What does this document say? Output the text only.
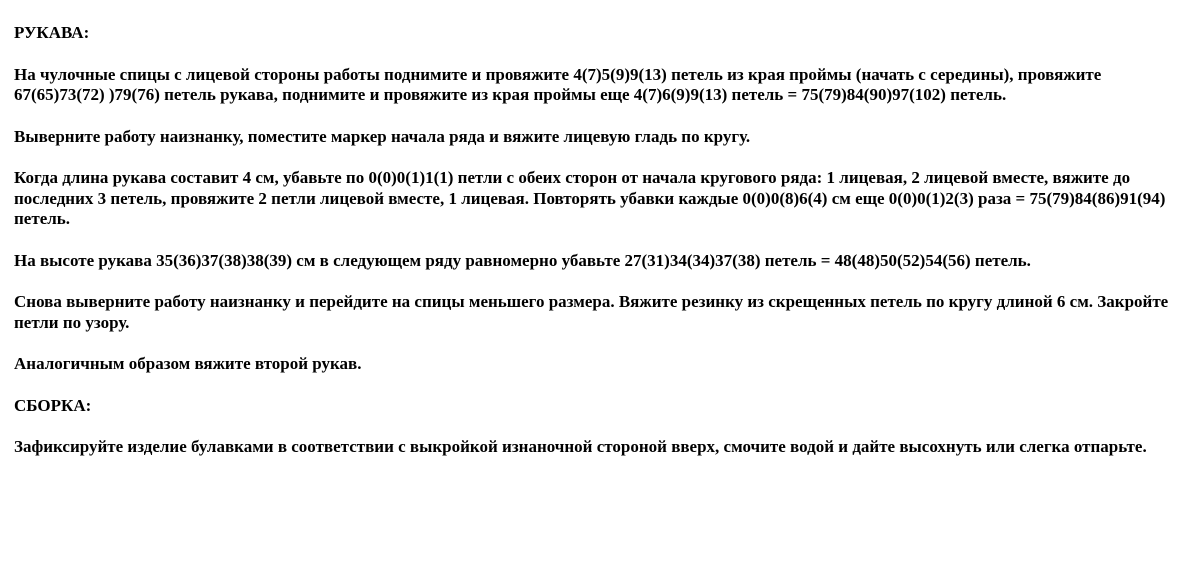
РУКАВА:

На чулочные спицы с лицевой стороны работы поднимите и провяжите 4(7)5(9)9(13) петель из края проймы (начать с середины), провяжите 67(65)73(72) )79(76) петель рукава, поднимите и провяжите из края проймы еще 4(7)6(9)9(13) петель = 75(79)84(90)97(102) петель.

Выверните работу наизнанку, поместите маркер начала ряда и вяжите лицевую гладь по кругу.

Когда длина рукава составит 4 см, убавьте по 0(0)0(1)1(1) петли с обеих сторон от начала кругового ряда: 1 лицевая, 2 лицевой вместе, вяжите до последних 3 петель, провяжите 2 петли лицевой вместе, 1 лицевая. Повторять убавки каждые 0(0)0(8)6(4) см еще 0(0)0(1)2(3) раза = 75(79)84(86)91(94) петель.

На высоте рукава 35(36)37(38)38(39) см в следующем ряду равномерно убавьте 27(31)34(34)37(38) петель = 48(48)50(52)54(56) петель.

Снова выверните работу наизнанку и перейдите на спицы меньшего размера. Вяжите резинку из скрещенных петель по кругу длиной 6 см. Закройте петли по узору.

Аналогичным образом вяжите второй рукав.

СБОРКА:

Зафиксируйте изделие булавками в соответствии с выкройкой изнаночной стороной вверх, смочите водой и дайте высохнуть или слегка отпарьте.
